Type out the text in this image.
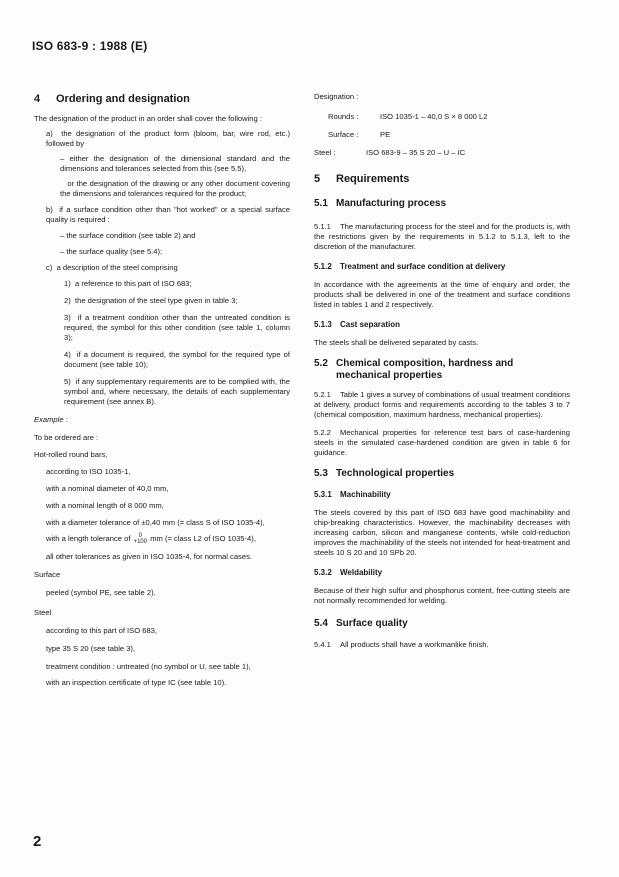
ISO 683-9 : 1988 (E)

4 Ordering and designation

The designation of the product in an order shall cover the following :

a) the designation of the product form (bloom, bar, wire rod, etc.) followed by

– either the designation of the dimensional standard and the dimensions and tolerances selected from this (see 5.5),

or the designation of the drawing or any other document covering the dimensions and tolerances required for the product;

b) if a surface condition other than "hot worked" or a special surface quality is required :

– the surface condition (see table 2) and

– the surface quality (see 5.4);

c) a description of the steel comprising

1) a reference to this part of ISO 683;

2) the designation of the steel type given in table 3;

3) if a treatment condition other than the untreated condition is required, the symbol for this other condition (see table 1, column 3);

4) if a document is required, the symbol for the required type of document (see table 10);

5) if any supplementary requirements are to be complied with, the symbol and, where necessary, the details of each supplementary requirement (see annex B).

Example :

To be ordered are :

Hot-rolled round bars,

according to ISO 1035-1,

with a nominal diameter of 40,0 mm,

with a nominal length of 8 000 mm,

with a diameter tolerance of ±0,40 mm (= class S of ISO 1035-4),

with a length tolerance of	0
+100 mm (= class L2 of ISO 1035-4),

all other tolerances as given in ISO 1035-4, for normal cases.

Surface

peeled (symbol PE, see table 2).

Steel

according to this part of ISO 683,

type 35 S 20 (see table 3),

treatment condition : untreated (no symbol or U, see table 1),

with an inspection certificate of type IC (see table 10).

Designation :

Rounds :	ISO 1035-1 – 40,0 S × 8 000 L2

Surface :	PE

Steel :	ISO 683-9 – 35 S 20 – U – IC

5 Requirements

5.1 Manufacturing process

5.1.1 The manufacturing process for the steel and for the products is, with the restrictions given by the requirements in 5.1.2 to 5.1.3, left to the discretion of the manufacturer.

5.1.2 Treatment and surface condition at delivery

In accordance with the agreements at the time of enquiry and order, the products shall be delivered in one of the treatment and surface conditions listed in tables 1 and 2 respectively.

5.1.3 Cast separation

The steels shall be delivered separated by casts.

5.2 Chemical composition, hardness and mechanical properties

5.2.1 Table 1 gives a survey of combinations of usual treatment conditions at delivery, product forms and requirements according to the tables 3 to 7 (chemical composition, maximum hardness, mechanical properties).

5.2.2 Mechanical properties for reference test bars of case-hardening steels in the simulated case-hardened condition are given in table 6 for guidance.

5.3 Technological properties

5.3.1 Machinability

The steels covered by this part of ISO 683 have good machinability and chip-breaking characteristics. However, the machinability decreases with increasing carbon, silicon and manganese contents, while cold-reduction improves the machinability of the steels not intended for heat-treatment and steels 10 S 20 and 10 SPb 20.

5.3.2 Weldability

Because of their high sulfur and phosphorus content, free-cutting steels are not normally recommended for welding.

5.4 Surface quality

5.4.1 All products shall have a workmanlike finish.

2
